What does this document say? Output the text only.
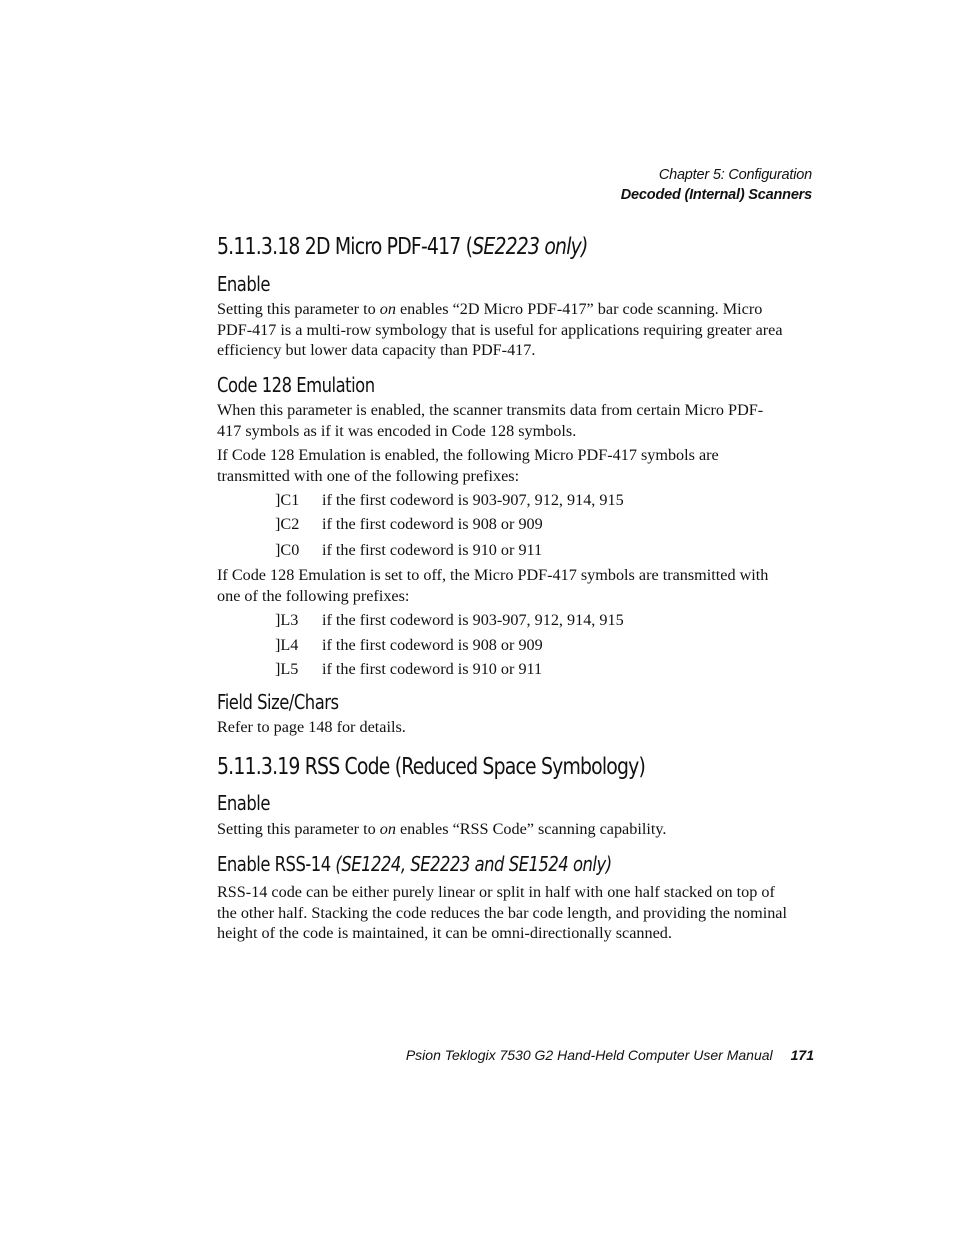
Chapter 5: Configuration
Decoded (Internal) Scanners
5.11.3.18 2D Micro PDF-417 (SE2223 only)
Enable
Setting this parameter to on enables “2D Micro PDF-417” bar code scanning. Micro PDF-417 is a multi-row symbology that is useful for applications requiring greater area efficiency but lower data capacity than PDF-417.
Code 128 Emulation
When this parameter is enabled, the scanner transmits data from certain Micro PDF-417 symbols as if it was encoded in Code 128 symbols.
If Code 128 Emulation is enabled, the following Micro PDF-417 symbols are transmitted with one of the following prefixes:
]C1 if the first codeword is 903-907, 912, 914, 915
]C2 if the first codeword is 908 or 909
]C0 if the first codeword is 910 or 911
If Code 128 Emulation is set to off, the Micro PDF-417 symbols are transmitted with one of the following prefixes:
]L3 if the first codeword is 903-907, 912, 914, 915
]L4 if the first codeword is 908 or 909
]L5 if the first codeword is 910 or 911
Field Size/Chars
Refer to page 148 for details.
5.11.3.19 RSS Code (Reduced Space Symbology)
Enable
Setting this parameter to on enables “RSS Code” scanning capability.
Enable RSS-14 (SE1224, SE2223 and SE1524 only)
RSS-14 code can be either purely linear or split in half with one half stacked on top of the other half. Stacking the code reduces the bar code length, and providing the nominal height of the code is maintained, it can be omni-directionally scanned.
Psion Teklogix 7530 G2 Hand-Held Computer User Manual 171
